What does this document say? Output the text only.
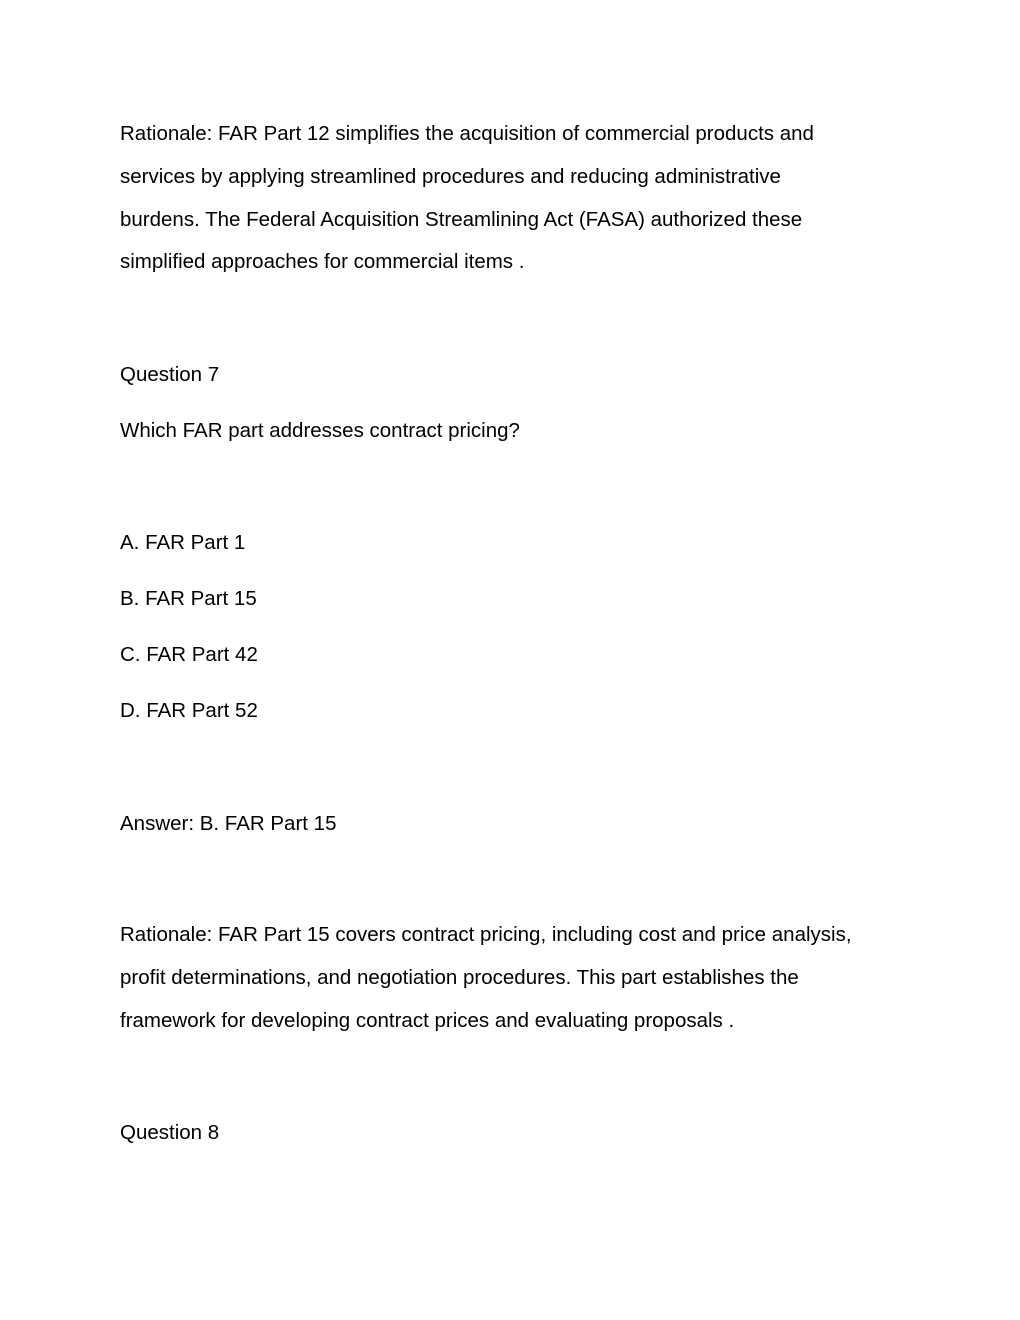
Rationale: FAR Part 12 simplifies the acquisition of commercial products and
services by applying streamlined procedures and reducing administrative
burdens. The Federal Acquisition Streamlining Act (FASA) authorized these
simplified approaches for commercial items .
Question 7
Which FAR part addresses contract pricing?
A. FAR Part 1
B. FAR Part 15
C. FAR Part 42
D. FAR Part 52
Answer: B. FAR Part 15
Rationale: FAR Part 15 covers contract pricing, including cost and price analysis,
profit determinations, and negotiation procedures. This part establishes the
framework for developing contract prices and evaluating proposals .
Question 8
